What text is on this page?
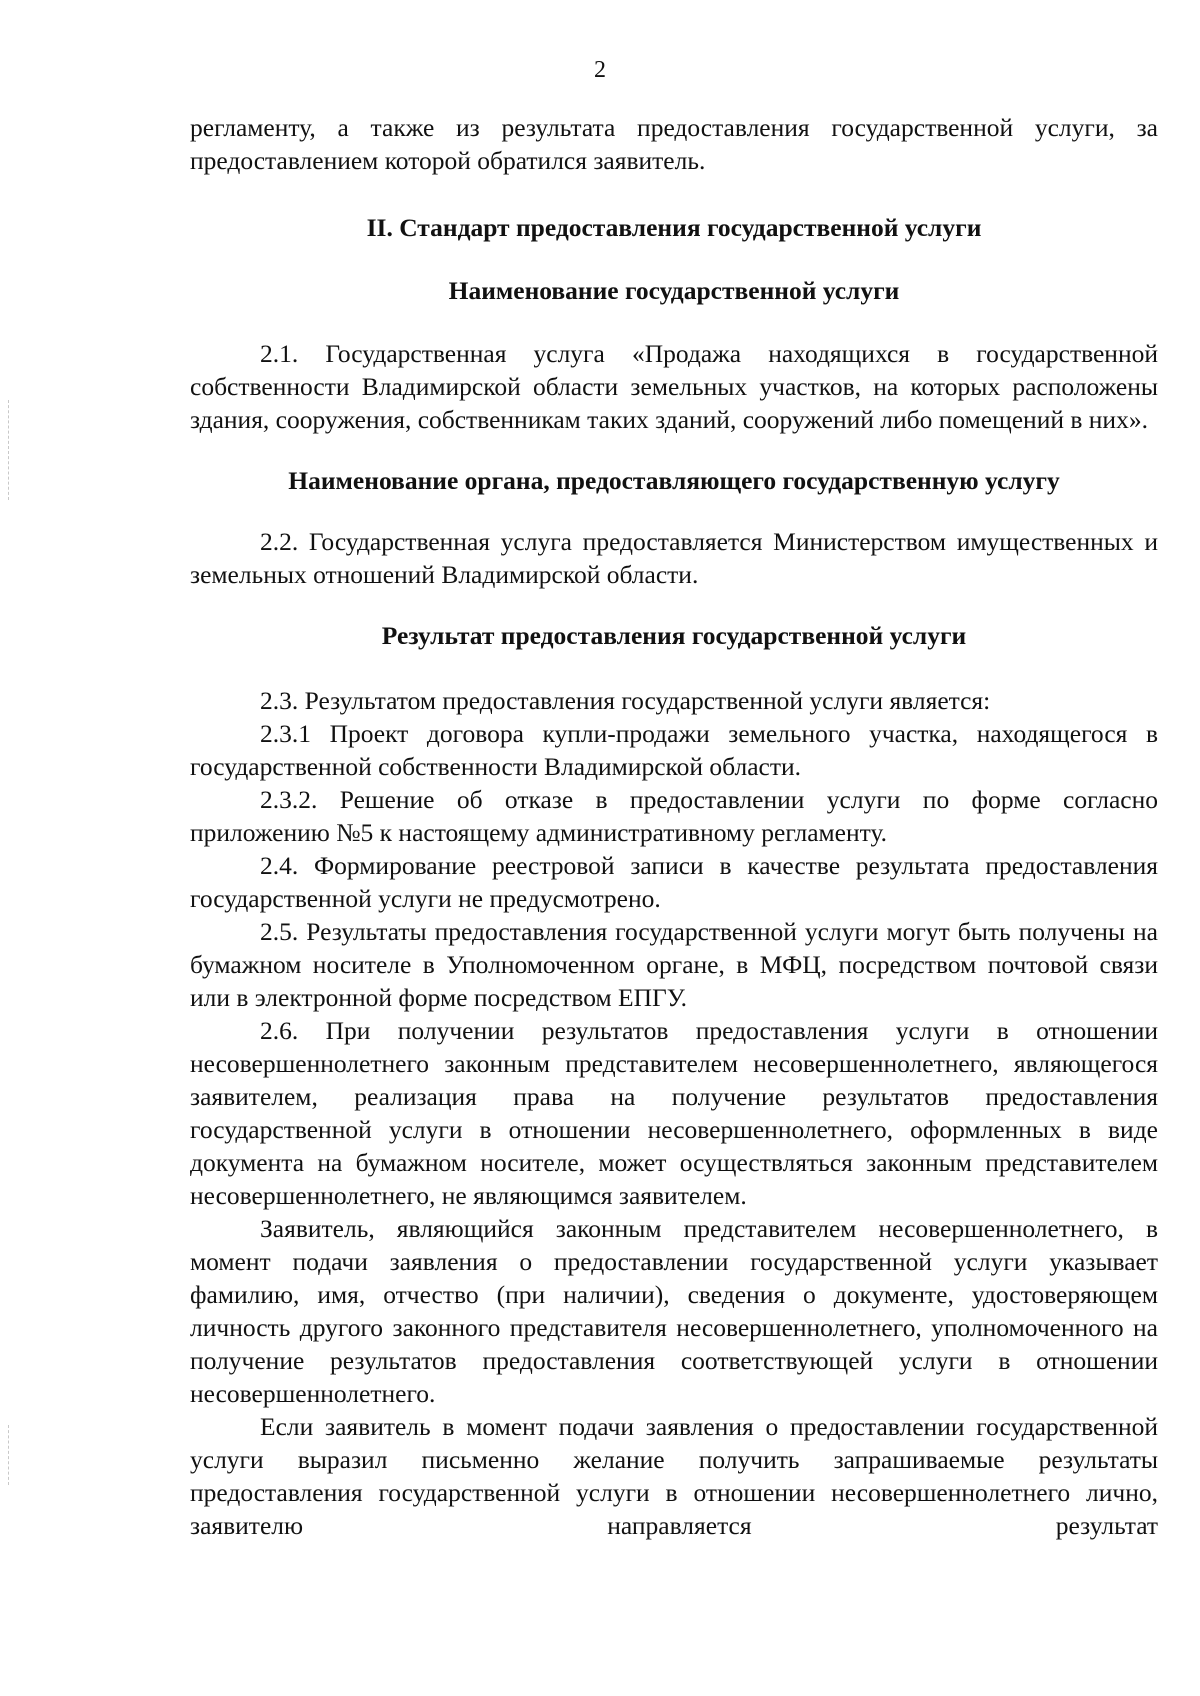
2

регламенту, а также из результата предоставления государственной услуги, за предоставлением которой обратился заявитель.

II. Стандарт предоставления государственной услуги
Наименование государственной услуги

2.1. Государственная услуга «Продажа находящихся в государственной собственности Владимирской области земельных участков, на которых расположены здания, сооружения, собственникам таких зданий, сооружений либо помещений в них».

Наименование органа, предоставляющего государственную услугу

2.2. Государственная услуга предоставляется Министерством имущественных и земельных отношений Владимирской области.

Результат предоставления государственной услуги

2.3. Результатом предоставления государственной услуги является:

2.3.1 Проект договора купли-продажи земельного участка, находящегося в государственной собственности Владимирской области.

2.3.2. Решение об отказе в предоставлении услуги по форме согласно приложению №5 к настоящему административному регламенту.

2.4. Формирование реестровой записи в качестве результата предоставления государственной услуги не предусмотрено.

2.5. Результаты предоставления государственной услуги могут быть получены на бумажном носителе в Уполномоченном органе, в МФЦ, посредством почтовой связи или в электронной форме посредством ЕПГУ.

2.6. При получении результатов предоставления услуги в отношении несовершеннолетнего законным представителем несовершеннолетнего, являющегося заявителем, реализация права на получение результатов предоставления государственной услуги в отношении несовершеннолетнего, оформленных в виде документа на бумажном носителе, может осуществляться законным представителем несовершеннолетнего, не являющимся заявителем.

Заявитель, являющийся законным представителем несовершеннолетнего, в момент подачи заявления о предоставлении государственной услуги указывает фамилию, имя, отчество (при наличии), сведения о документе, удостоверяющем личность другого законного представителя несовершеннолетнего, уполномоченного на получение результатов предоставления соответствующей услуги в отношении несовершеннолетнего.

Если заявитель в момент подачи заявления о предоставлении государственной услуги выразил письменно желание получить запрашиваемые результаты предоставления государственной услуги в отношении несовершеннолетнего лично, заявителю направляется результат
